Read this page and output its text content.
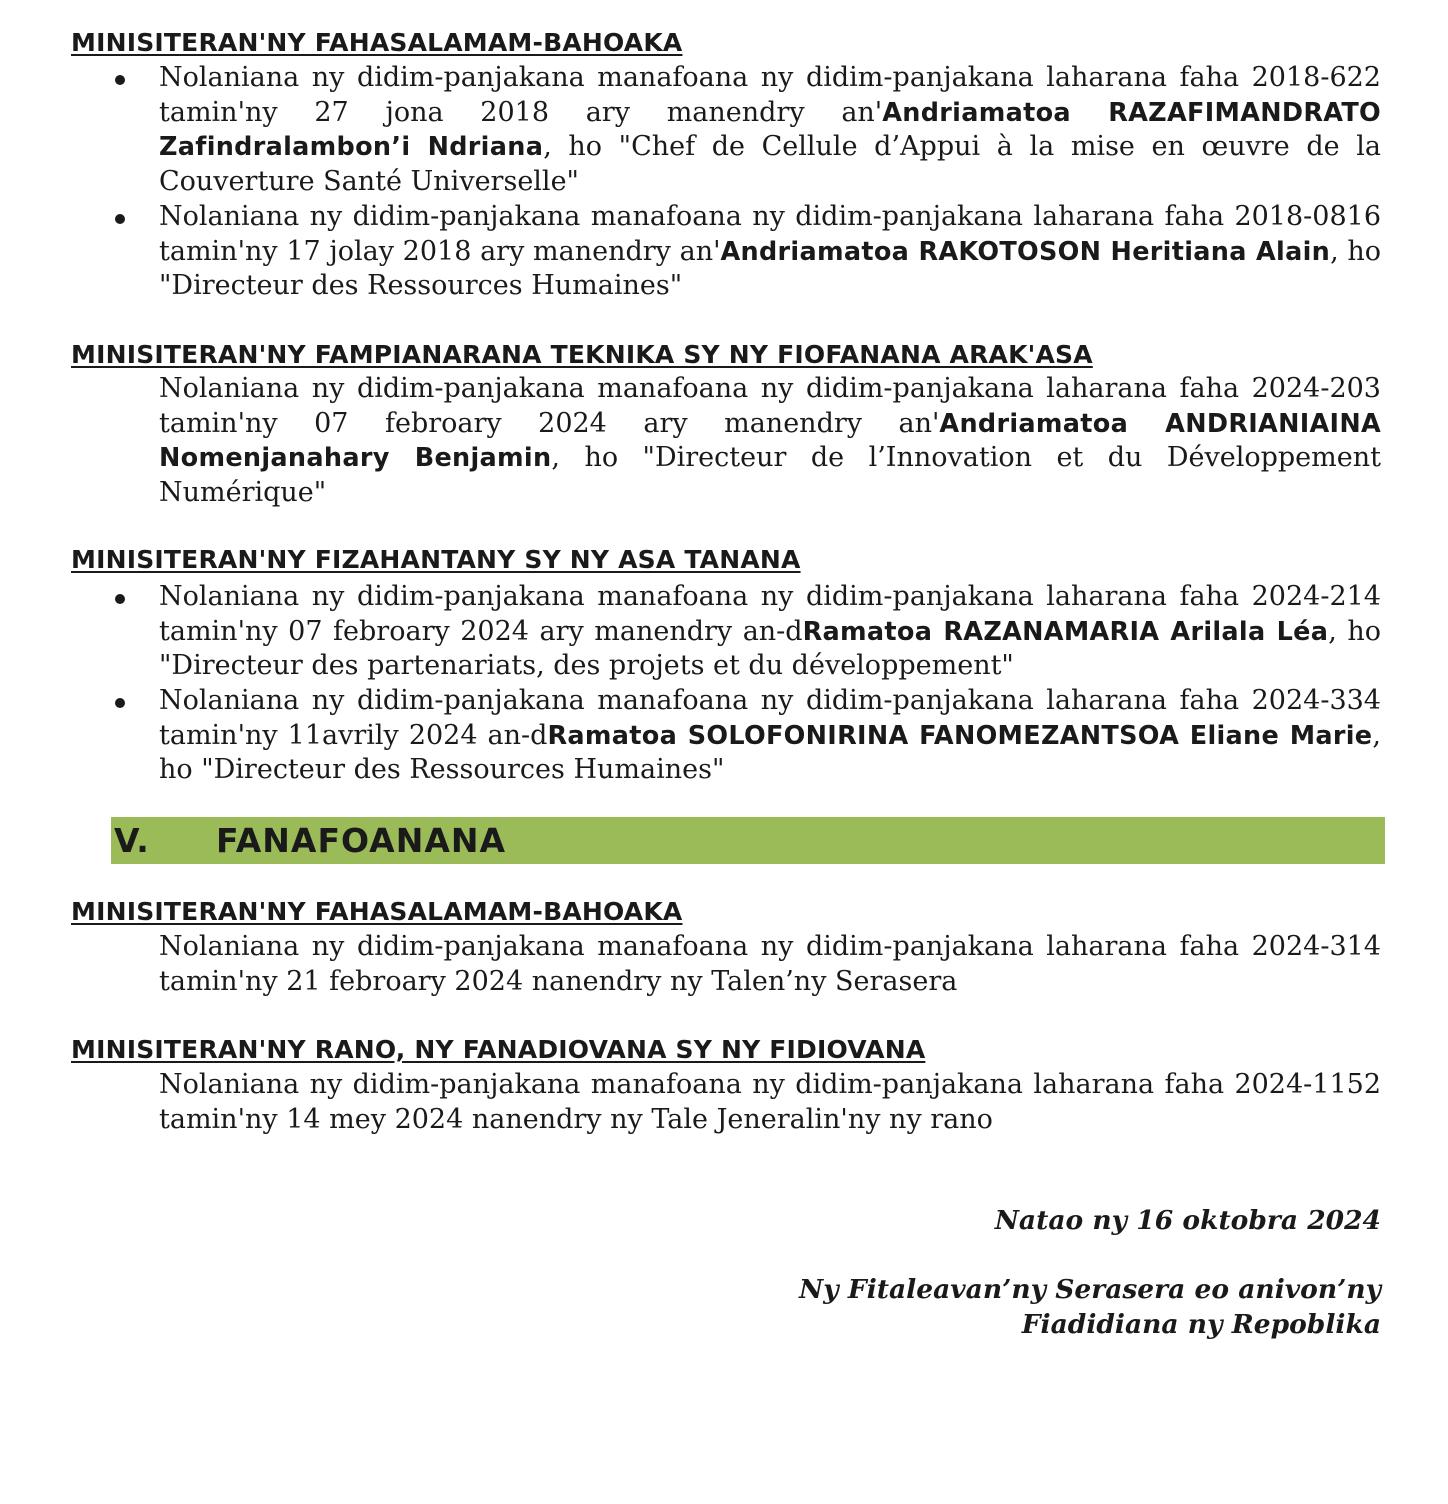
MINISITERAN'NY FAHASALAMAM-BAHOAKA
Nolaniana ny didim-panjakana manafoana ny didim-panjakana laharana faha 2018-622 tamin'ny 27 jona 2018 ary manendry an'Andriamatoa RAZAFIMANDRATO Zafindralambon’i Ndriana, ho "Chef de Cellule d’Appui à la mise en œuvre de la Couverture Santé Universelle"
Nolaniana ny didim-panjakana manafoana ny didim-panjakana laharana faha 2018-0816 tamin'ny 17 jolay 2018 ary manendry an'Andriamatoa RAKOTOSON Heritiana Alain, ho "Directeur des Ressources Humaines"
MINISITERAN'NY FAMPIANARANA TEKNIKA SY NY FIOFANANA ARAK'ASA
Nolaniana ny didim-panjakana manafoana ny didim-panjakana laharana faha 2024-203 tamin'ny 07 febroary 2024 ary manendry an'Andriamatoa ANDRIANIAINA Nomenjanahary Benjamin, ho "Directeur de l’Innovation et du Développement Numérique"
MINISITERAN'NY FIZAHANTANY SY NY ASA TANANA
Nolaniana ny didim-panjakana manafoana ny didim-panjakana laharana faha 2024-214 tamin'ny 07 febroary 2024 ary manendry an-dRamatoa RAZANAMARIA Arilala Léa, ho "Directeur des partenariats, des projets et du développement"
Nolaniana ny didim-panjakana manafoana ny didim-panjakana laharana faha 2024-334 tamin'ny 11avrily 2024 an-dRamatoa SOLOFONIRINA FANOMEZANTSOA Eliane Marie, ho "Directeur des Ressources Humaines"
V. FANAFOANANA
MINISITERAN'NY FAHASALAMAM-BAHOAKA
Nolaniana ny didim-panjakana manafoana ny didim-panjakana laharana faha 2024-314 tamin'ny 21 febroary 2024 nanendry ny Talen’ny Serasera
MINISITERAN'NY RANO, NY FANADIOVANA SY NY FIDIOVANA
Nolaniana ny didim-panjakana manafoana ny didim-panjakana laharana faha 2024-1152 tamin'ny 14 mey 2024 nanendry ny Tale Jeneralin'ny ny rano
Natao ny 16 oktobra 2024
Ny Fitaleavan’ny Serasera eo anivon’ny
Fiadidiana ny Repoblika
